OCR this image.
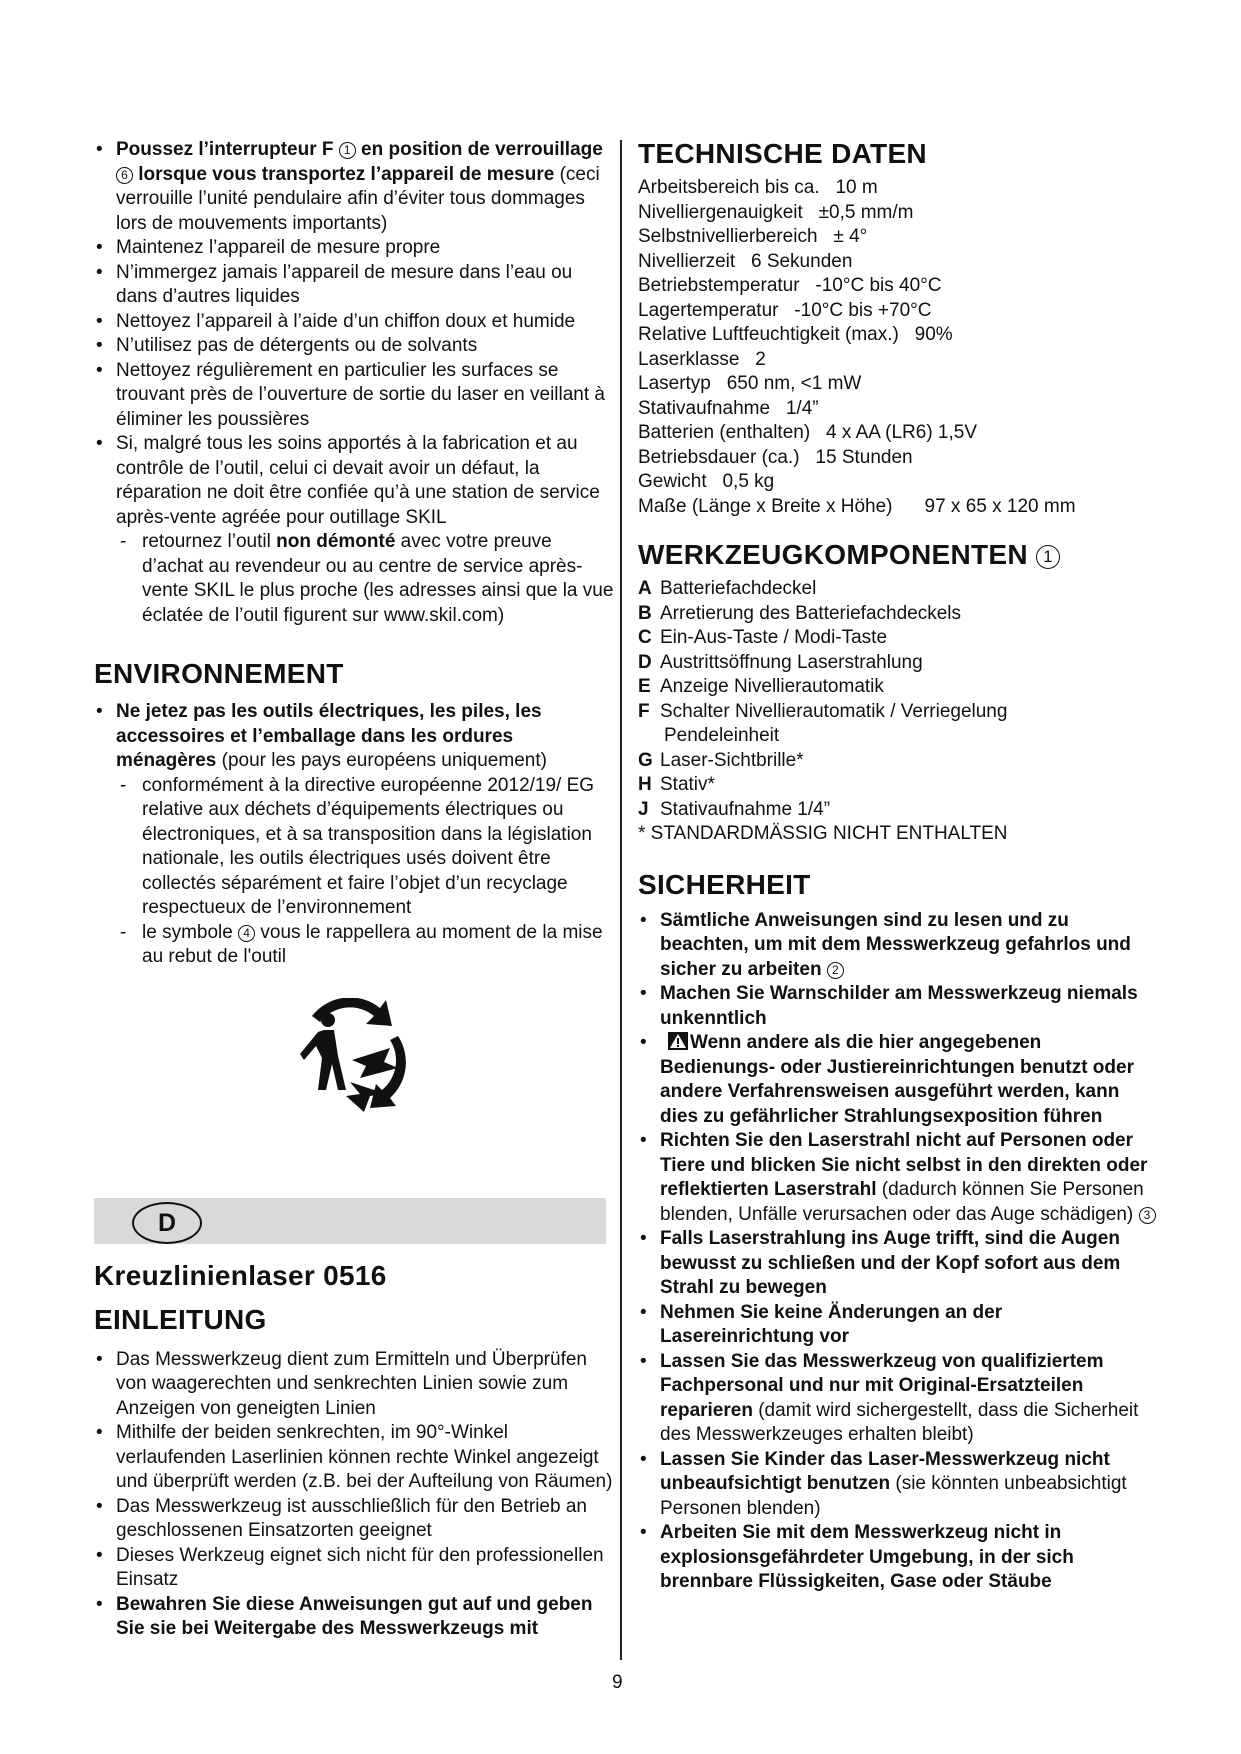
• Poussez l’interrupteur F 1 en position de verrouillage 6 lorsque vous transportez l’appareil de mesure (ceci verrouille l’unité pendulaire afin d’éviter tous dommages lors de mouvements importants)
• Maintenez l’appareil de mesure propre
• N’immergez jamais l’appareil de mesure dans l’eau ou dans d’autres liquides
• Nettoyez l’appareil à l’aide d’un chiffon doux et humide
• N’utilisez pas de détergents ou de solvants
• Nettoyez régulièrement en particulier les surfaces se trouvant près de l’ouverture de sortie du laser en veillant à éliminer les poussières
• Si, malgré tous les soins apportés à la fabrication et au contrôle de l’outil, celui ci devait avoir un défaut, la réparation ne doit être confiée qu’à une station de service après-vente agréée pour outillage SKIL
- retournez l’outil non démonté avec votre preuve d’achat au revendeur ou au centre de service après-vente SKIL le plus proche (les adresses ainsi que la vue éclatée de l’outil figurent sur www.skil.com)
ENVIRONNEMENT
• Ne jetez pas les outils électriques, les piles, les accessoires et l’emballage dans les ordures ménagères (pour les pays européens uniquement)
- conformément à la directive européenne 2012/19/ EG relative aux déchets d’équipements électriques ou électroniques, et à sa transposition dans la législation nationale, les outils électriques usés doivent être collectés séparément et faire l’objet d’un recyclage respectueux de l’environnement
- le symbole 4 vous le rappellera au moment de la mise au rebut de l'outil
D
Kreuzlinienlaser 0516
EINLEITUNG
• Das Messwerkzeug dient zum Ermitteln und Überprüfen von waagerechten und senkrechten Linien sowie zum Anzeigen von geneigten Linien
• Mithilfe der beiden senkrechten, im 90°-Winkel verlaufenden Laserlinien können rechte Winkel angezeigt und überprüft werden (z.B. bei der Aufteilung von Räumen)
• Das Messwerkzeug ist ausschließlich für den Betrieb an geschlossenen Einsatzorten geeignet
• Dieses Werkzeug eignet sich nicht für den professionellen Einsatz
• Bewahren Sie diese Anweisungen gut auf und geben Sie sie bei Weitergabe des Messwerkzeugs mit
TECHNISCHE DATEN
Arbeitsbereich bis ca.   10 m
Nivelliergenauigkeit   ±0,5 mm/m
Selbstnivellierbereich   ± 4°
Nivellierzeit   6 Sekunden
Betriebstemperatur   -10°C bis 40°C
Lagertemperatur   -10°C bis +70°C
Relative Luftfeuchtigkeit (max.)   90%
Laserklasse   2
Lasertyp   650 nm, <1 mW
Stativaufnahme   1/4”
Batterien (enthalten)   4 x AA (LR6) 1,5V
Betriebsdauer (ca.)   15 Stunden
Gewicht   0,5 kg
Maße (Länge x Breite x Höhe) 97 x 65 x 120 mm
WERKZEUGKOMPONENTEN 1
A Batteriefachdeckel
B Arretierung des Batteriefachdeckels
C Ein-Aus-Taste / Modi-Taste
D Austrittsöffnung Laserstrahlung
E Anzeige Nivellierautomatik
F Schalter Nivellierautomatik / Verriegelung
Pendeleinheit
G Laser-Sichtbrille*
H Stativ*
J Stativaufnahme 1/4”
* STANDARDMÄSSIG NICHT ENTHALTEN
SICHERHEIT
• Sämtliche Anweisungen sind zu lesen und zu beachten, um mit dem Messwerkzeug gefahrlos und sicher zu arbeiten 2
• Machen Sie Warnschilder am Messwerkzeug niemals unkenntlich
• Wenn andere als die hier angegebenen Bedienungs- oder Justiereinrichtungen benutzt oder andere Verfahrensweisen ausgeführt werden, kann dies zu gefährlicher Strahlungsexposition führen
• Richten Sie den Laserstrahl nicht auf Personen oder Tiere und blicken Sie nicht selbst in den direkten oder reflektierten Laserstrahl (dadurch können Sie Personen blenden, Unfälle verursachen oder das Auge schädigen) 3
• Falls Laserstrahlung ins Auge trifft, sind die Augen bewusst zu schließen und der Kopf sofort aus dem Strahl zu bewegen
• Nehmen Sie keine Änderungen an der Lasereinrichtung vor
• Lassen Sie das Messwerkzeug von qualifiziertem Fachpersonal und nur mit Original-Ersatzteilen reparieren (damit wird sichergestellt, dass die Sicherheit des Messwerkzeuges erhalten bleibt)
• Lassen Sie Kinder das Laser-Messwerkzeug nicht unbeaufsichtigt benutzen (sie könnten unbeabsichtigt Personen blenden)
• Arbeiten Sie mit dem Messwerkzeug nicht in explosionsgefährdeter Umgebung, in der sich brennbare Flüssigkeiten, Gase oder Stäube
9
